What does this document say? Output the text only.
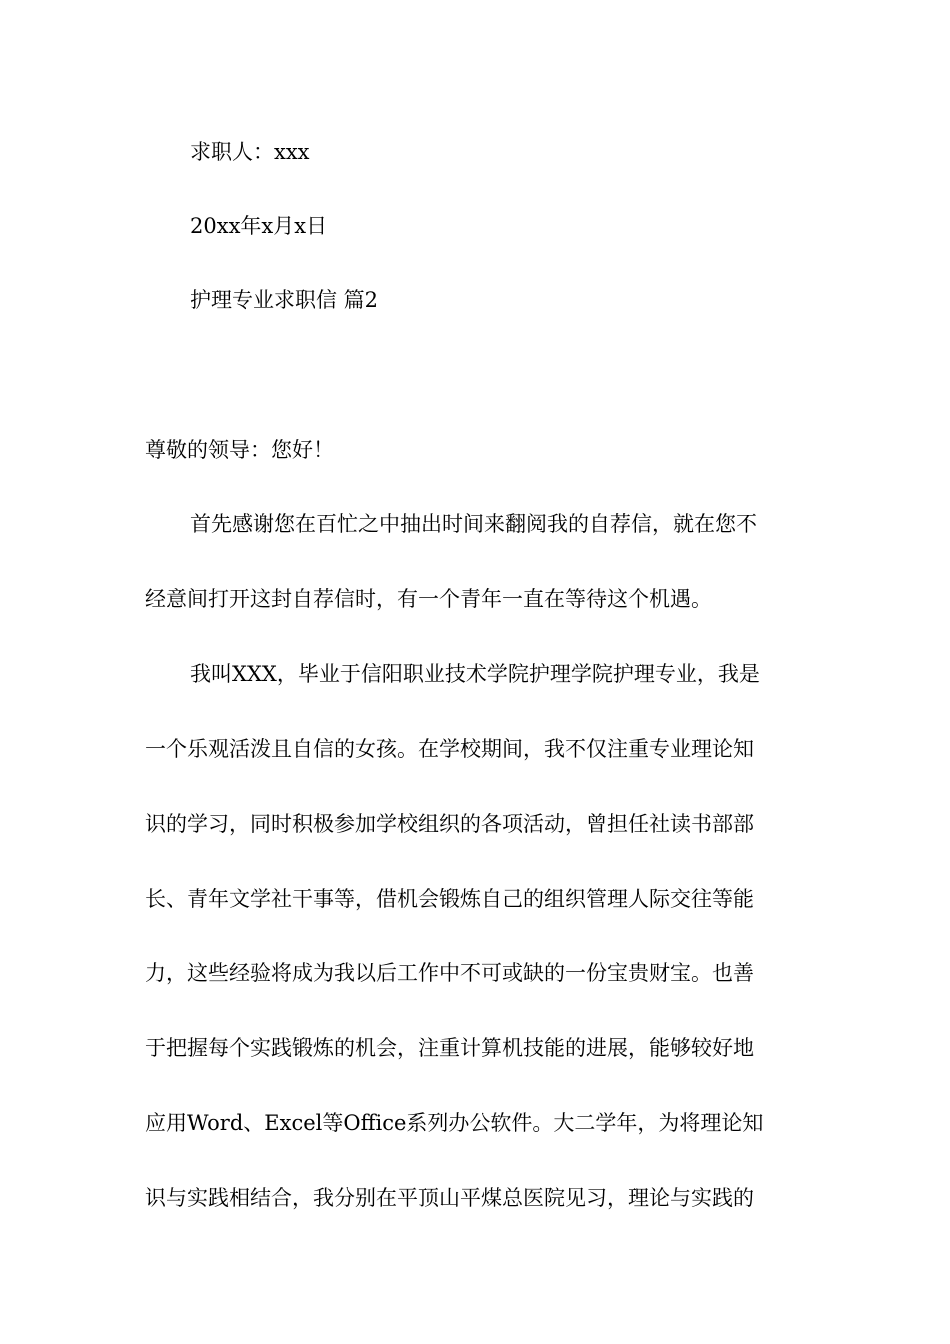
求职人：xxx
20xx年x月x日
护理专业求职信 篇2
尊敬的领导：您好！
首先感谢您在百忙之中抽出时间来翻阅我的自荐信，就在您不
经意间打开这封自荐信时，有一个青年一直在等待这个机遇。
我叫XXX，毕业于信阳职业技术学院护理学院护理专业，我是
一个乐观活泼且自信的女孩。在学校期间，我不仅注重专业理论知
识的学习，同时积极参加学校组织的各项活动，曾担任社读书部部
长、青年文学社干事等，借机会锻炼自己的组织管理人际交往等能
力，这些经验将成为我以后工作中不可或缺的一份宝贵财宝。也善
于把握每个实践锻炼的机会，注重计算机技能的进展，能够较好地
应用Word、Excel等Office系列办公软件。大二学年，为将理论知
识与实践相结合，我分别在平顶山平煤总医院见习，理论与实践的
